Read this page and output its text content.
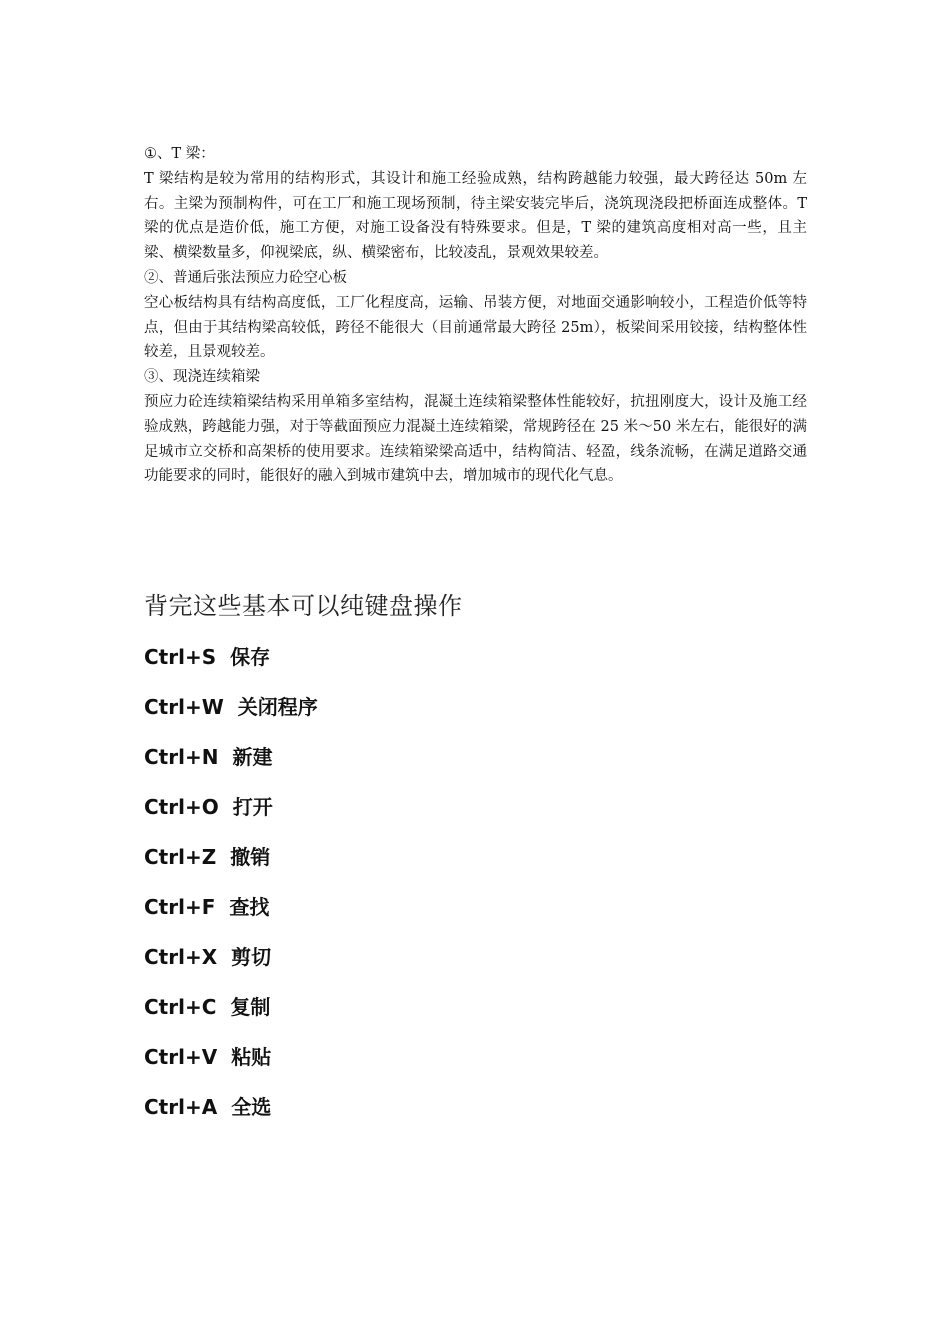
①、T 梁：

T 梁结构是较为常用的结构形式，其设计和施工经验成熟，结构跨越能力较强，最大跨径达 50m 左右。主梁为预制构件，可在工厂和施工现场预制，待主梁安装完毕后，浇筑现浇段把桥面连成整体。T 梁的优点是造价低，施工方便，对施工设备没有特殊要求。但是，T 梁的建筑高度相对高一些，且主梁、横梁数量多，仰视梁底，纵、横梁密布，比较凌乱，景观效果较差。

②、普通后张法预应力砼空心板

空心板结构具有结构高度低，工厂化程度高，运输、吊装方便，对地面交通影响较小，工程造价低等特点，但由于其结构梁高较低，跨径不能很大（目前通常最大跨径 25m），板梁间采用铰接，结构整体性较差，且景观较差。

③、现浇连续箱梁

预应力砼连续箱梁结构采用单箱多室结构，混凝土连续箱梁整体性能较好，抗扭刚度大，设计及施工经验成熟，跨越能力强，对于等截面预应力混凝土连续箱梁，常规跨径在 25 米～50 米左右，能很好的满足城市立交桥和高架桥的使用要求。连续箱梁梁高适中，结构简洁、轻盈，线条流畅，在满足道路交通功能要求的同时，能很好的融入到城市建筑中去，增加城市的现代化气息。

背完这些基本可以纯键盘操作
Ctrl+S 保存
Ctrl+W 关闭程序
Ctrl+N 新建
Ctrl+O 打开
Ctrl+Z 撤销
Ctrl+F 查找
Ctrl+X 剪切
Ctrl+C 复制
Ctrl+V 粘贴
Ctrl+A 全选
